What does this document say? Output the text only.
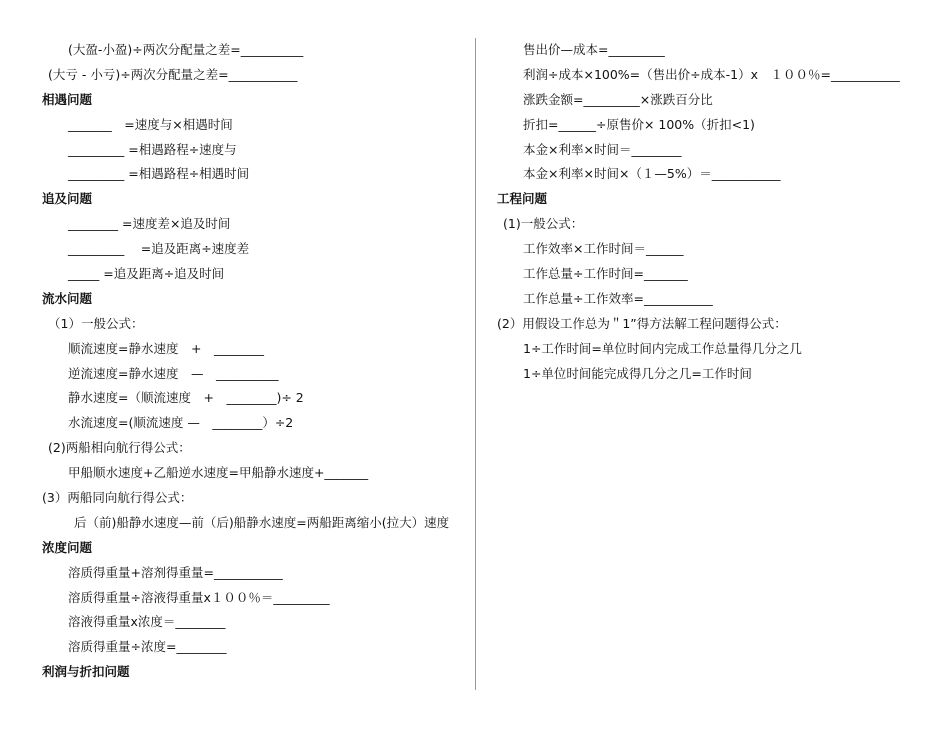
(大盈-小盈)÷两次分配量之差=__________
(大亏 - 小亏)÷两次分配量之差=___________
相遇问题
_______　=速度与×相遇时间
_________ =相遇路程÷速度与
_________ =相遇路程÷相遇时间
追及问题
________ =速度差×追及时间
_________　 =追及距离÷速度差
_____ =追及距离÷追及时间
流水问题
（1）一般公式：
顺流速度=静水速度　+　________
逆流速度=静水速度　—　__________
静水速度=（顺流速度　+　________)÷ 2
水流速度=(顺流速度 —　________）÷2
(2)两船相向航行得公式：
甲船顺水速度+乙船逆水速度=甲船静水速度+_______
(3）两船同向航行得公式：
后（前)船静水速度—前（后)船静水速度=两船距离缩小(拉大）速度
浓度问题
溶质得重量+溶剂得重量=___________
溶质得重量÷溶液得重量x１００％＝_________
溶液得重量x浓度＝________
溶质得重量÷浓度=________
利润与折扣问题
售出价—成本=_________
利润÷成本×100%=（售出价÷成本-1）x　１００％=___________
涨跌金额=_________×涨跌百分比
折扣=______÷原售价× 100%（折扣<1)
本金×利率×时间＝________
本金×利率×时间×（１—5%）＝___________
工程问题
(1)一般公式：
工作效率×工作时间＝______
工作总量÷工作时间=_______
工作总量÷工作效率=___________
(2）用假设工作总为＂1”得方法解工程问题得公式：
1÷工作时间=单位时间内完成工作总量得几分之几
1÷单位时间能完成得几分之几=工作时间
